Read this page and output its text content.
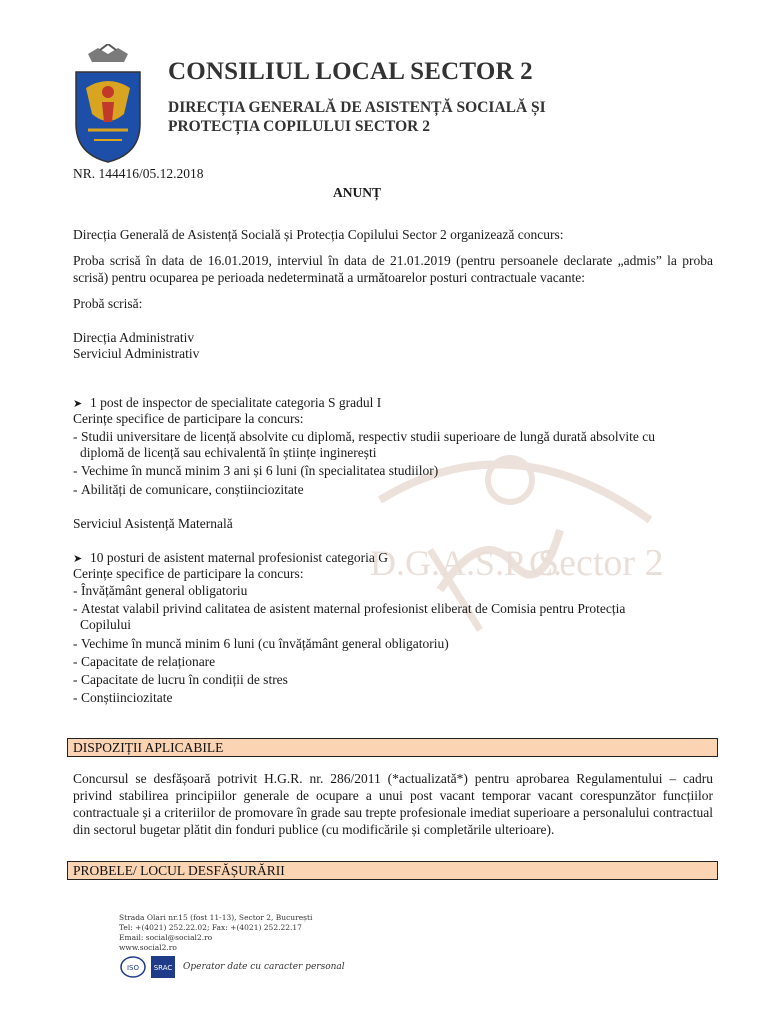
D.G.A.S.P.C.
Sector 2
CONSILIUL LOCAL SECTOR 2
DIRECȚIA GENERALĂ DE ASISTENȚĂ SOCIALĂ ȘI
PROTECȚIA COPILULUI SECTOR 2
NR. 144416/05.12.2018
ANUNȚ
Direcția Generală de Asistență Socială și Protecția Copilului Sector 2 organizează concurs:
Proba scrisă în data de 16.01.2019, interviul în data de 21.01.2019 (pentru persoanele declarate „admis” la proba scrisă) pentru ocuparea pe perioada nedeterminată a următoarelor posturi contractuale vacante:
Probă scrisă:
Direcția Administrativ
Serviciul Administrativ
➤ 1 post de inspector de specialitate categoria S gradul I
Cerințe specifice de participare la concurs:
- Studii universitare de licență absolvite cu diplomă, respectiv studii superioare de lungă durată absolvite cu
diplomă de licență sau echivalentă în științe inginerești
- Vechime în muncă minim 3 ani și 6 luni (în specialitatea studiilor)
- Abilități de comunicare, conștiinciozitate
Serviciul Asistență Maternală
➤ 10 posturi de asistent maternal profesionist categoria G
Cerințe specifice de participare la concurs:
- Învățământ general obligatoriu
- Atestat valabil privind calitatea de asistent maternal profesionist eliberat de Comisia pentru Protecția
Copilului
- Vechime în muncă minim 6 luni (cu învățământ general obligatoriu)
- Capacitate de relaționare
- Capacitate de lucru în condiții de stres
- Conștiinciozitate
DISPOZIȚII APLICABILE
Concursul se desfășoară potrivit H.G.R. nr. 286/2011 (*actualizată*) pentru aprobarea Regulamentului – cadru privind stabilirea principiilor generale de ocupare a unui post vacant temporar vacant corespunzător funcțiilor contractuale și a criteriilor de promovare în grade sau trepte profesionale imediat superioare a personalului contractual din sectorul bugetar plătit din fonduri publice (cu modificările și completările ulterioare).
PROBELE/ LOCUL DESFĂȘURĂRII
Strada Olari nr.15 (fost 11-13), Sector 2, București
Tel: +(4021) 252.22.02; Fax: +(4021) 252.22.17
Email: social@social2.ro
www.social2.ro
ISO SRAC Operator date cu caracter personal
